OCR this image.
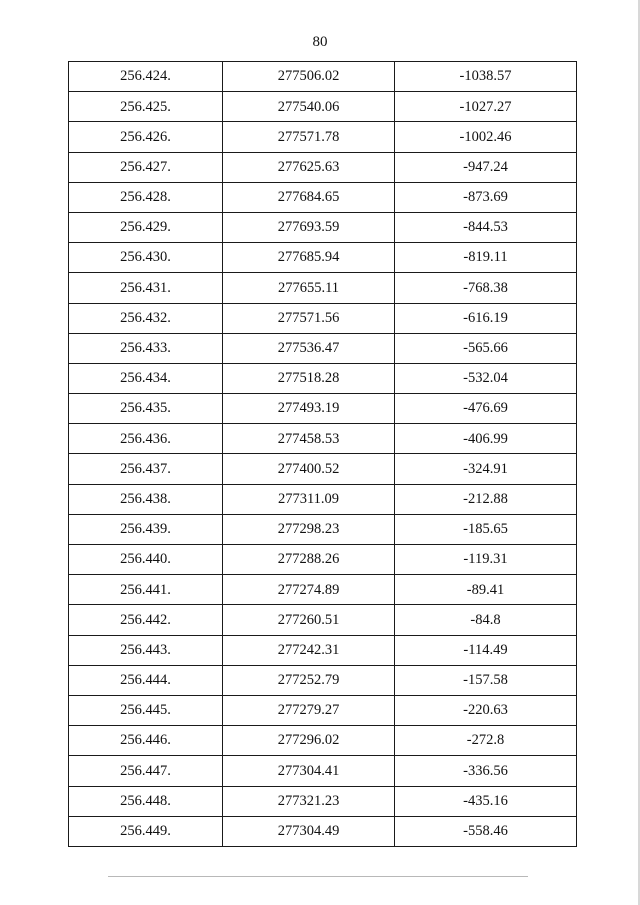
80
256.424.	277506.02	-1038.57
256.425.	277540.06	-1027.27
256.426.	277571.78	-1002.46
256.427.	277625.63	-947.24
256.428.	277684.65	-873.69
256.429.	277693.59	-844.53
256.430.	277685.94	-819.11
256.431.	277655.11	-768.38
256.432.	277571.56	-616.19
256.433.	277536.47	-565.66
256.434.	277518.28	-532.04
256.435.	277493.19	-476.69
256.436.	277458.53	-406.99
256.437.	277400.52	-324.91
256.438.	277311.09	-212.88
256.439.	277298.23	-185.65
256.440.	277288.26	-119.31
256.441.	277274.89	-89.41
256.442.	277260.51	-84.8
256.443.	277242.31	-114.49
256.444.	277252.79	-157.58
256.445.	277279.27	-220.63
256.446.	277296.02	-272.8
256.447.	277304.41	-336.56
256.448.	277321.23	-435.16
256.449.	277304.49	-558.46
